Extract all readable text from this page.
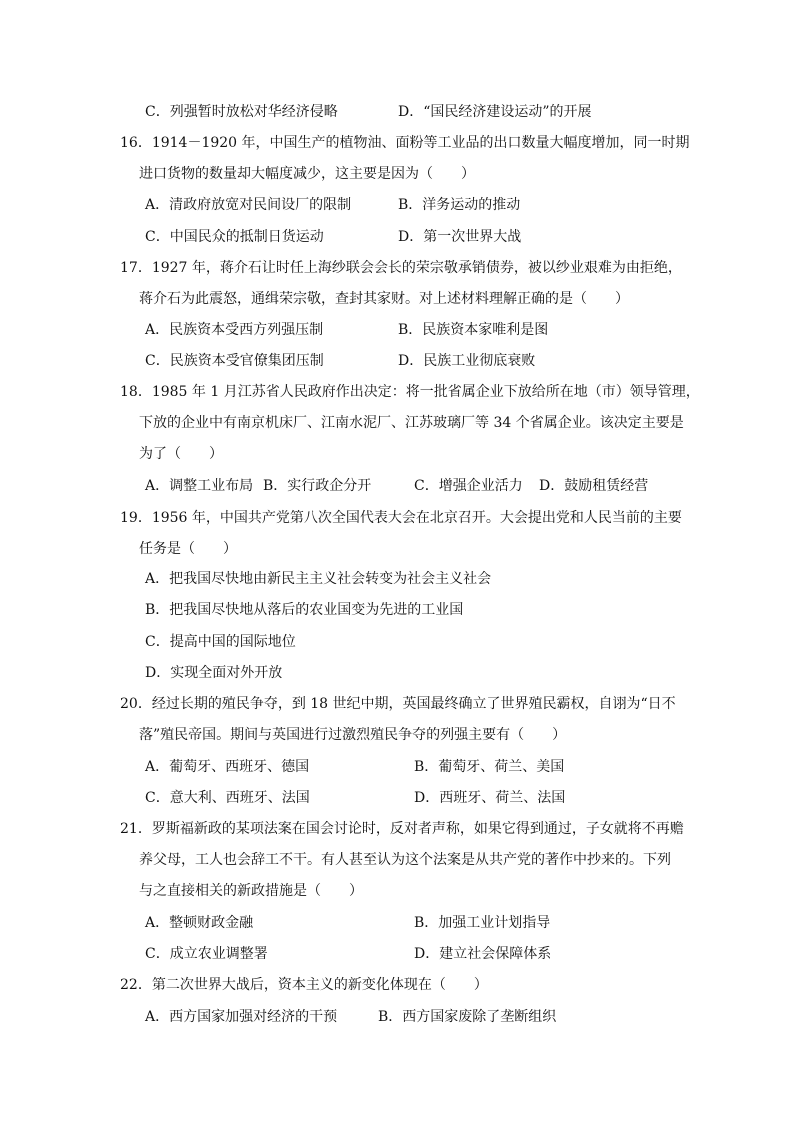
C．列强暂时放松对华经济侵略	D．“国民经济建设运动”的开展
16．1914－1920 年，中国生产的植物油、面粉等工业品的出口数量大幅度增加，同一时期
进口货物的数量却大幅度减少，这主要是因为（　　）
A．清政府放宽对民间设厂的限制	B．洋务运动的推动
C．中国民众的抵制日货运动	D．第一次世界大战
17．1927 年，蒋介石让时任上海纱联会会长的荣宗敬承销债券，被以纱业艰难为由拒绝，
蒋介石为此震怒，通缉荣宗敬，查封其家财。对上述材料理解正确的是（　　）
A．民族资本受西方列强压制	B．民族资本家唯利是图
C．民族资本受官僚集团压制	D．民族工业彻底衰败
18．1985 年 1 月江苏省人民政府作出决定：将一批省属企业下放给所在地（市）领导管理，
下放的企业中有南京机床厂、江南水泥厂、江苏玻璃厂等 34 个省属企业。该决定主要是
为了（　　）
A．调整工业布局 B．实行政企分开	C．增强企业活力 D．鼓励租赁经营
19．1956 年，中国共产党第八次全国代表大会在北京召开。大会提出党和人民当前的主要
任务是（　　）
A．把我国尽快地由新民主主义社会转变为社会主义社会
B．把我国尽快地从落后的农业国变为先进的工业国
C．提高中国的国际地位
D．实现全面对外开放
20．经过长期的殖民争夺，到 18 世纪中期，英国最终确立了世界殖民霸权，自诩为“日不
落”殖民帝国。期间与英国进行过激烈殖民争夺的列强主要有（　　）
A．葡萄牙、西班牙、德国	B．葡萄牙、荷兰、美国
C．意大利、西班牙、法国	D．西班牙、荷兰、法国
21．罗斯福新政的某项法案在国会讨论时，反对者声称，如果它得到通过，子女就将不再赡
养父母，工人也会辞工不干。有人甚至认为这个法案是从共产党的著作中抄来的。下列
与之直接相关的新政措施是（　　）
A．整顿财政金融	B．加强工业计划指导
C．成立农业调整署	D．建立社会保障体系
22．第二次世界大战后，资本主义的新变化体现在（　　）
A．西方国家加强对经济的干预	B．西方国家废除了垄断组织
